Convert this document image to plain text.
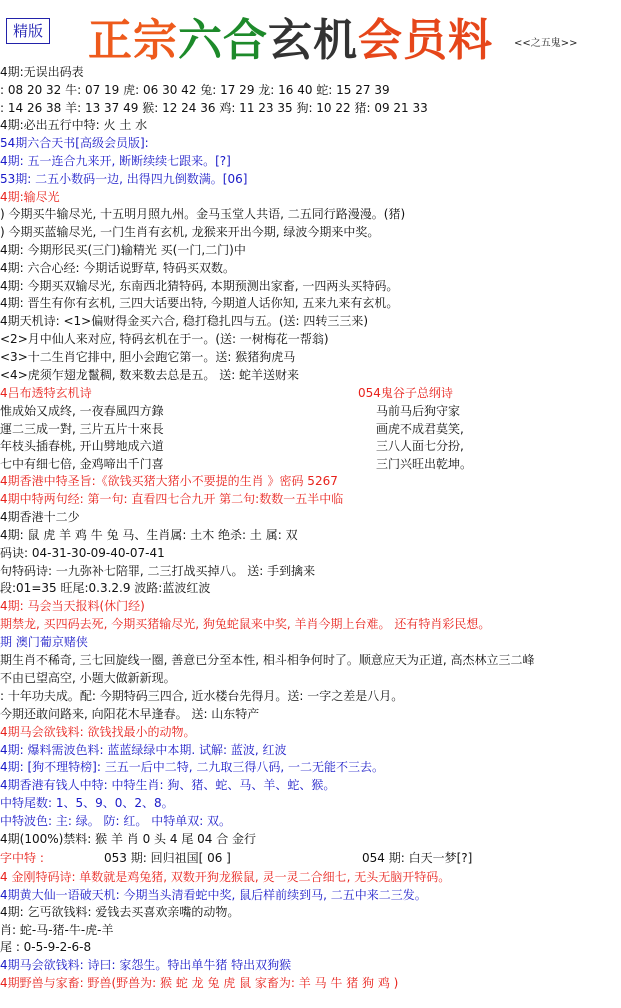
精版 正宗六合玄机会员料 <<之五鬼>>
4期:无误出码表
: 08 20 32 牛: 07 19 虎: 06 30 42 兔: 17 29 龙: 16 40 蛇: 15 27 39
: 14 26 38 羊: 13 37 49 猴: 12 24 36 鸡: 11 23 35 狗: 10 22 猪: 09 21 33
4期:必出五行中特: 火 土 水
54期六合天书[高级会员版]:
4期: 五一连合九来开, 断断续续七跟来。[?]
53期: 二五小数码一边, 出得四九倒数满。[06]
4期:输尽光
) 今期买牛输尽光, 十五明月照九州。金马玉堂人共语, 二五同行路漫漫。(猪)
) 今期买蓝输尽光, 一门生肖有玄机, 龙猴来开出今期, 绿波今期来中奖。
4期: 今期形民买(三门)输精光 买(一门,二门)中
4期: 六合心经: 今期话说野草, 特码买双数。
4期: 今期买双输尽光, 东南西北猜特码, 本期预测出家畜, 一四两头买特码。
4期: 晋生有你有玄机, 三四大话要出特, 今期道人话你知, 五来九来有玄机。
4期天机诗: <1>偏财得金买六合, 稳打稳扎四与五。(送: 四转三三来)
<2>月中仙人来对应, 特码玄机在于一。(送: 一树梅花一帮翁)
<3>十二生肖它排中, 胆小会跑它第一。送: 猴猪狗虎马
<4>虎须乍翅龙鬣稠, 数来数去总是五。 送: 蛇羊送财来
4吕布透特玄机诗	054鬼谷子总纲诗
惟成始又成终, 一夜春風四方錄
運二三成一對, 三片五片十來長
年枝头插春桃, 开山劈地成六道
七中有细七倍, 金鸡啼出千门喜
马前马后狗守家
画虎不成君莫笑,
三八人面七分扮,
三门兴旺出乾坤。
4期香港中特圣旨:《欲钱买猪大猪小不要提的生肖 》密码 5267
4期中特两句经: 第一句: 直看四七合九开 第二句:数数一五半中临
4期香港十二少
4期: 鼠 虎 羊 鸡 牛 兔 马、生肖属: 土木 绝杀: 土 属: 双
码诀: 04-31-30-09-40-07-41
句特码诗: 一九弥补七陪罪, 二三打战买掉八。 送: 手到擒来
段:01=35 旺尾:0.3.2.9 波路:蓝波红波
4期: 马会当天报料(休门经)
期禁龙, 买四码去死, 今期买猪输尽光, 狗兔蛇鼠来中奖, 羊肖今期上台难。 还有特肖彩民想。
期 澳门葡京赌侠
期生肖不稀奇, 三七回旋线一圈, 善意已分至本性, 相斗相争何时了。顺意应天为正道, 高杰林立三二峰
不由已望高空, 小题大做新新现。
: 十年功夫成。配: 今期特码三四合, 近水楼台先得月。送: 一字之差是八月。
今期还敢问路来, 向阳花木早逢春。 送: 山东特产
4期马会欲钱料: 欲钱找最小的动物。
4期: 爆料需波色料: 蓝蓝绿绿中本期. 试解: 蓝波, 红波
4期: [狗不理特榜]: 三五一后中二特, 二九取三得八码, 一二无能不三去。
4期香港有钱人中特: 中特生肖: 狗、猪、蛇、马、羊、蛇、猴。
中特尾数: 1、5、9、0、2、8。
中特波色: 主: 绿。 防: 红。 中特单双: 双。
4期(100%)禁料: 猴 羊 肖 0 头 4 尾 04 合 金行
字中特 :	053 期: 回归祖国[ 06 ]	054 期: 白天一梦[?]
4 金刚特码诗: 单数就是鸡兔猪, 双数开狗龙猴鼠, 灵一灵二合细七, 无头无脑开特码。
4期黄大仙一语破天机: 今期当头清看蛇中奖, 鼠后样前续到马, 二五中来二三发。
4期: 乞丐欲钱料: 爱钱去买喜欢亲嘴的动物。
肖: 蛇-马-猪-牛-虎-羊
尾 : 0-5-9-2-6-8
4期马会欲钱料: 诗曰: 家怨生。特出单牛猪 特出双狗猴
4期野兽与家畜: 野兽(野兽为: 猴 蛇 龙 兔 虎 鼠 家畜为: 羊 马 牛 猪 狗 鸡 )
